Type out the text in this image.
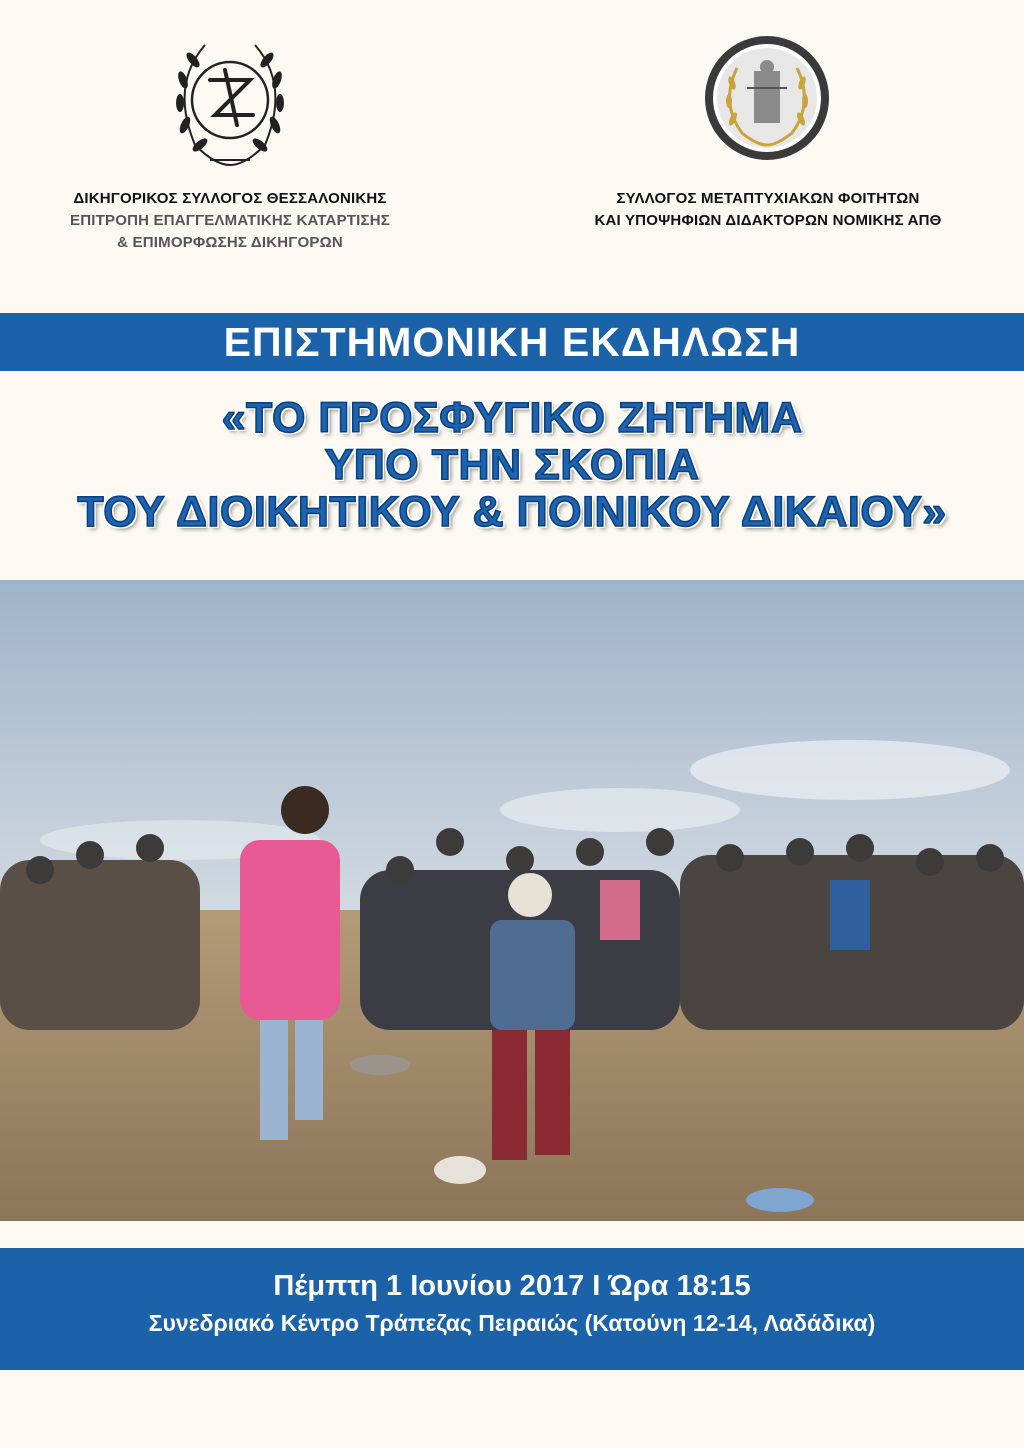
ΔΙΚΗΓΟΡΙΚΟΣ ΣΥΛΛΟΓΟΣ ΘΕΣΣΑΛΟΝΙΚΗΣ
ΕΠΙΤΡΟΠΗ ΕΠΑΓΓΕΛΜΑΤΙΚΗΣ ΚΑΤΑΡΤΙΣΗΣ
& ΕΠΙΜΟΡΦΩΣΗΣ ΔΙΚΗΓΟΡΩΝ
ΣΥΛΛΟΓΟΣ ΜΕΤΑΠΤΥΧΙΑΚΩΝ ΦΟΙΤΗΤΩΝ
ΚΑΙ ΥΠΟΨΗΦΙΩΝ ΔΙΔΑΚΤΟΡΩΝ ΝΟΜΙΚΗΣ ΑΠΘ
ΕΠΙΣΤΗΜΟΝΙΚΗ ΕΚΔΗΛΩΣΗ
«ΤΟ ΠΡΟΣΦΥΓΙΚΟ ΖΗΤΗΜΑ
ΥΠΟ ΤΗΝ ΣΚΟΠΙΑ
ΤΟΥ ΔΙΟΙΚΗΤΙΚΟΥ & ΠΟΙΝΙΚΟΥ ΔΙΚΑΙΟΥ»
Πέμπτη 1 Ιουνίου 2017 Ι Ώρα 18:15
Συνεδριακό Κέντρο Τράπεζας Πειραιώς (Κατούνη 12-14, Λαδάδικα)
